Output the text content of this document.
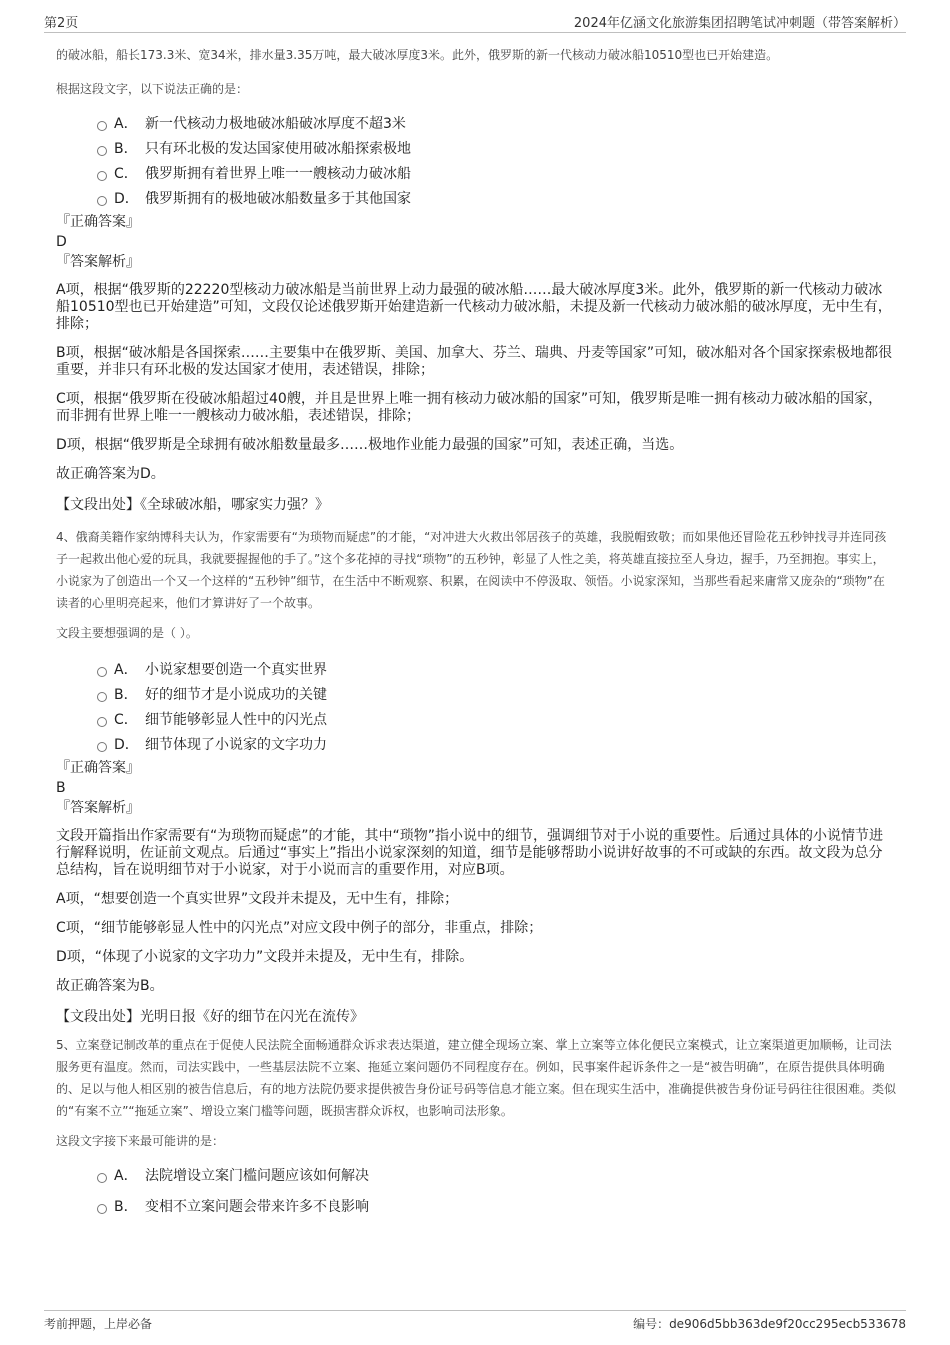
第2页	2024年亿涵文化旅游集团招聘笔试冲刺题（带答案解析）

的破冰船，船长173.3米、宽34米，排水量3.35万吨，最大破冰厚度3米。此外，俄罗斯的新一代核动力破冰船10510型也已开始建造。

根据这段文字，以下说法正确的是：

A． 新一代核动力极地破冰船破冰厚度不超3米
B． 只有环北极的发达国家使用破冰船探索极地
C． 俄罗斯拥有着世界上唯一一艘核动力破冰船
D． 俄罗斯拥有的极地破冰船数量多于其他国家

『正确答案』

D

『答案解析』

A项，根据“俄罗斯的22220型核动力破冰船是当前世界上动力最强的破冰船……最大破冰厚度3米。此外，俄罗斯的新一代核动力破冰船10510型也已开始建造”可知，文段仅论述俄罗斯开始建造新一代核动力破冰船，未提及新一代核动力破冰船的破冰厚度，无中生有，排除；

B项，根据“破冰船是各国探索……主要集中在俄罗斯、美国、加拿大、芬兰、瑞典、丹麦等国家”可知，破冰船对各个国家探索极地都很重要，并非只有环北极的发达国家才使用，表述错误，排除；

C项，根据“俄罗斯在役破冰船超过40艘，并且是世界上唯一拥有核动力破冰船的国家”可知，俄罗斯是唯一拥有核动力破冰船的国家，而非拥有世界上唯一一艘核动力破冰船，表述错误，排除；

D项，根据“俄罗斯是全球拥有破冰船数量最多……极地作业能力最强的国家”可知，表述正确，当选。

故正确答案为D。

【文段出处】《全球破冰船，哪家实力强？》

4、俄裔美籍作家纳博科夫认为，作家需要有“为琐物而疑虑”的才能，“对冲进大火救出邻居孩子的英雄，我脱帽致敬；而如果他还冒险花五秒钟找寻并连同孩子一起救出他心爱的玩具，我就要握握他的手了。”这个多花掉的寻找“琐物”的五秒钟，彰显了人性之美，将英雄直接拉至人身边，握手，乃至拥抱。事实上，小说家为了创造出一个又一个这样的“五秒钟”细节，在生活中不断观察、积累，在阅读中不停汲取、领悟。小说家深知，当那些看起来庸常又庞杂的“琐物”在读者的心里明亮起来，他们才算讲好了一个故事。

文段主要想强调的是（ ）。

A． 小说家想要创造一个真实世界
B． 好的细节才是小说成功的关键
C． 细节能够彰显人性中的闪光点
D． 细节体现了小说家的文字功力

『正确答案』

B

『答案解析』

文段开篇指出作家需要有“为琐物而疑虑”的才能，其中“琐物”指小说中的细节，强调细节对于小说的重要性。后通过具体的小说情节进行解释说明，佐证前文观点。后通过“事实上”指出小说家深刻的知道，细节是能够帮助小说讲好故事的不可或缺的东西。故文段为总分总结构，旨在说明细节对于小说家，对于小说而言的重要作用，对应B项。

A项，“想要创造一个真实世界”文段并未提及，无中生有，排除；

C项，“细节能够彰显人性中的闪光点”对应文段中例子的部分，非重点，排除；

D项，“体现了小说家的文字功力”文段并未提及，无中生有，排除。

故正确答案为B。

【文段出处】光明日报《好的细节在闪光在流传》

5、立案登记制改革的重点在于促使人民法院全面畅通群众诉求表达渠道，建立健全现场立案、掌上立案等立体化便民立案模式，让立案渠道更加顺畅，让司法服务更有温度。然而，司法实践中，一些基层法院不立案、拖延立案问题仍不同程度存在。例如，民事案件起诉条件之一是“被告明确”，在原告提供具体明确的、足以与他人相区别的被告信息后，有的地方法院仍要求提供被告身份证号码等信息才能立案。但在现实生活中，准确提供被告身份证号码往往很困难。类似的“有案不立”“拖延立案”、增设立案门槛等问题，既损害群众诉权，也影响司法形象。

这段文字接下来最可能讲的是：

A． 法院增设立案门槛问题应该如何解决
B． 变相不立案问题会带来许多不良影响
考前押题，上岸必备	编号：de906d5bb363de9f20cc295ecb533678
